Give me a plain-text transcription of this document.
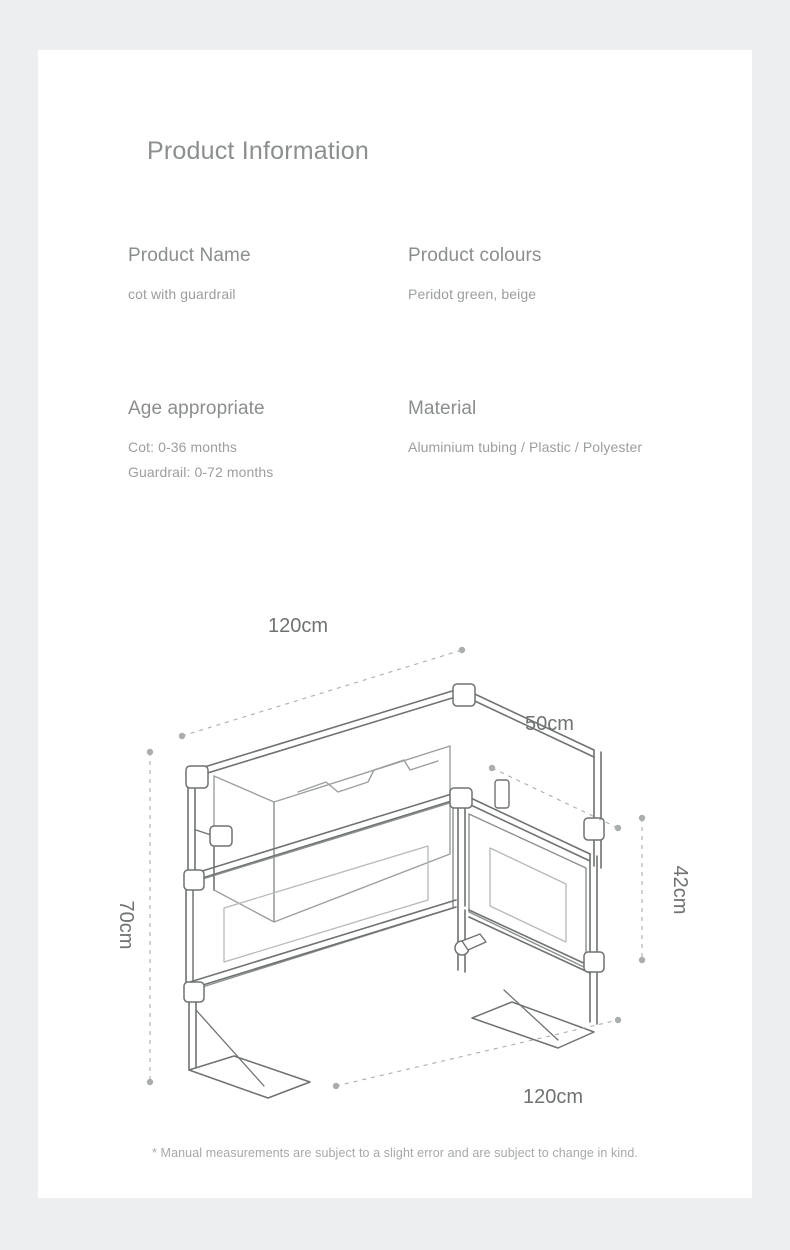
Product Information
Product Name
cot with guardrail
Product colours
Peridot green, beige
Age appropriate
Cot: 0-36 months
Guardrail: 0-72 months
Material
Aluminium tubing / Plastic / Polyester
120cm
50cm
42cm
70cm
120cm
* Manual measurements are subject to a slight error and are subject to change in kind.
